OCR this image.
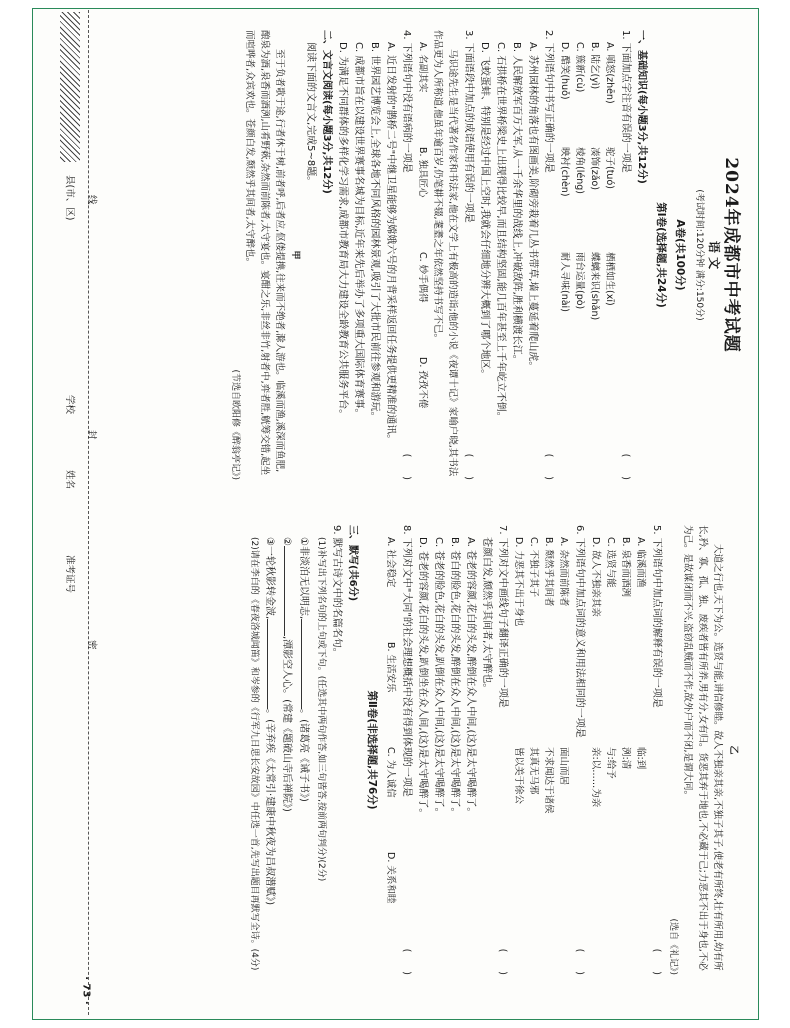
县(市、区)
学校
姓名
准考证号
线
封
密
2024年成都市中考试题
语 文
(考试时间:120分钟 满分:150分)
A卷(共100分)
第Ⅰ卷(选择题,共24分)
一、基础知识(每小题3分,共12分)
1. 下面加点字注音有误的一项是
(　　)
A. 嗔怒(zhēn)
驼子(tuó)
栖栖如生(xī)
B. 陆乞(yì)
凑饰(zǎo)
蝶螭来识(shǎn)
C. 簇新(cù)
棱角(léng)
雨台运量(pò)
D. 酷笑(huǒ)
映衬(chèn)
耐人寻味(nài)
2. 下列语句中书写正确的一项是
(　　)
A. 苏州园林的角落也有图画美,阶砌旁栽着几丛书带草,墙上蔓延着爬山虎。
B. 人民解放军百万大军,从一千余华里的战线上,冲破敌阵,胜利横渡长江。
C. 石拱桥在世界桥梁史上出现得比较早,而且结构坚固,能几百年甚至上千年屹立不倒。
D. 飞蛟蛋蚌、特别是经过中国上空时,我就会仔细地分辨大概到了哪个地区。
3. 下面语段中加点的成语使用有误的一项是
(　　)
马识途先生是当代著名作家和书法家,他在文学上有极高的造诣;他的小说《夜谭十记》家喻户晓,其书法作品更为人所称道,他虽年逾百岁,仍笔耕不辍,耄耋之年依然坚持书写不已。
A. 名副其实
B. 独具匠心
C. 妙手偶得
D. 孜孜不倦
4. 下列语句中没有语病的一项是
(　　)
A. 近日发射的"鹊桥二号"中继卫星能够为嫦娥六号的月背采样返回任务提供更精准的通讯。
B. 世界园艺博览会上,全球各地不同风格的园林景观,吸引了大批市民前往参观和游玩。
C. 成都市旨在以建设世界赛事名城为目标,近年来先后举办了多项重大国际体育赛事。
D. 为满足不同群体的多样化学习需求,成都市教育局大力建设全龄教育公共服务平台。
二、文言文阅读(每小题3分,共12分)
阅读下面的文言文,完成5~8题。
甲
至于负者歌于途,行者休于树,前者呼,后者应,伛偻提携,往来而不绝者,滁人游也。临溪而渔,溪深而鱼肥,酿泉为酒,泉香而酒洌,山肴野蔌,杂然而前陈者,太守宴也。宴酣之乐,非丝非竹,射者中,弈者胜,觥筹交错,起坐而喧哗者,众宾欢也。苍颜白发,颓然乎其间者,太守醉也。
(节选自欧阳修《醉翁亭记》)
乙
大道之行也,天下为公。选贤与能,讲信修睦。故人不独亲其亲,不独子其子,使老有所终,壮有所用,幼有所长,矜、寡、孤、独、废疾者皆有所养,男有分,女有归。货恶其弃于地也,不必藏于己;力恶其不出于身也,不必为己。是故谋闭而不兴,盗窃乱贼而不作,故外户而不闭,是谓大同。
(选自《礼记》)
5. 下列语句中加点词的解释有误的一项是
(　　)
A. 临溪而渔
临:到
B. 泉香而酒洌
洌:清
C. 选贤与能
与:给予
D. 故人不独亲其亲
亲:以……为亲
6. 下列语句中加点词的意义和用法相同的一项是
(　　)
A. 杂然而前陈者
面山而居
B. 颓然乎其间者
不求闻达于诸侯
C. 不独子其子
其真无马邪
D. 力恶其不出于身也
皆以美于徐公
7. 下列对文中画线句子翻译正确的一项是
(　　)
苍颜白发,颓然乎其间者,太守醉也。
A. 苍老的容颜,花白的头发,醉倒在众人中间,(这)是太守喝醉了。
B. 苍白的脸色,花白的头发,醉倒在众人中间,(这)是太守喝醉了。
C. 苍老的脸色,花白的头发,趴倒在众人中间,(这)是太守喝醉了。
D. 苍老的容颜,花白的头发,趴倒坐在众人间,(这)是太守喝醉了。
8. 下列对文中"大同"的社会理想概括中没有得到体现的一项是
(　　)
A. 社会稳定
B. 生活安乐
C. 为人诚信
D. 关系和睦
第Ⅱ卷(非选择题,共76分)
三、默写(共6分)
9. 默写古诗文中的名篇名句。
(1)补写出下列名句的上句或下句。(任选其中两句作答,如三句皆答,按前两句判分)(2分)
①非淡泊无以明志,。(诸葛亮《诫子书》)
②,潭影空人心。(常建《题破山寺后禅院》)
③一轮秋影转金波,。(辛弃疾《太常引·建康中秋夜为吕叔潜赋》)
(2)请在李白的《春夜洛城闻笛》和岑参的《行军九日思长安故园》中任选一首,先写出题目再默写全诗。(4分)
· 73 ·
